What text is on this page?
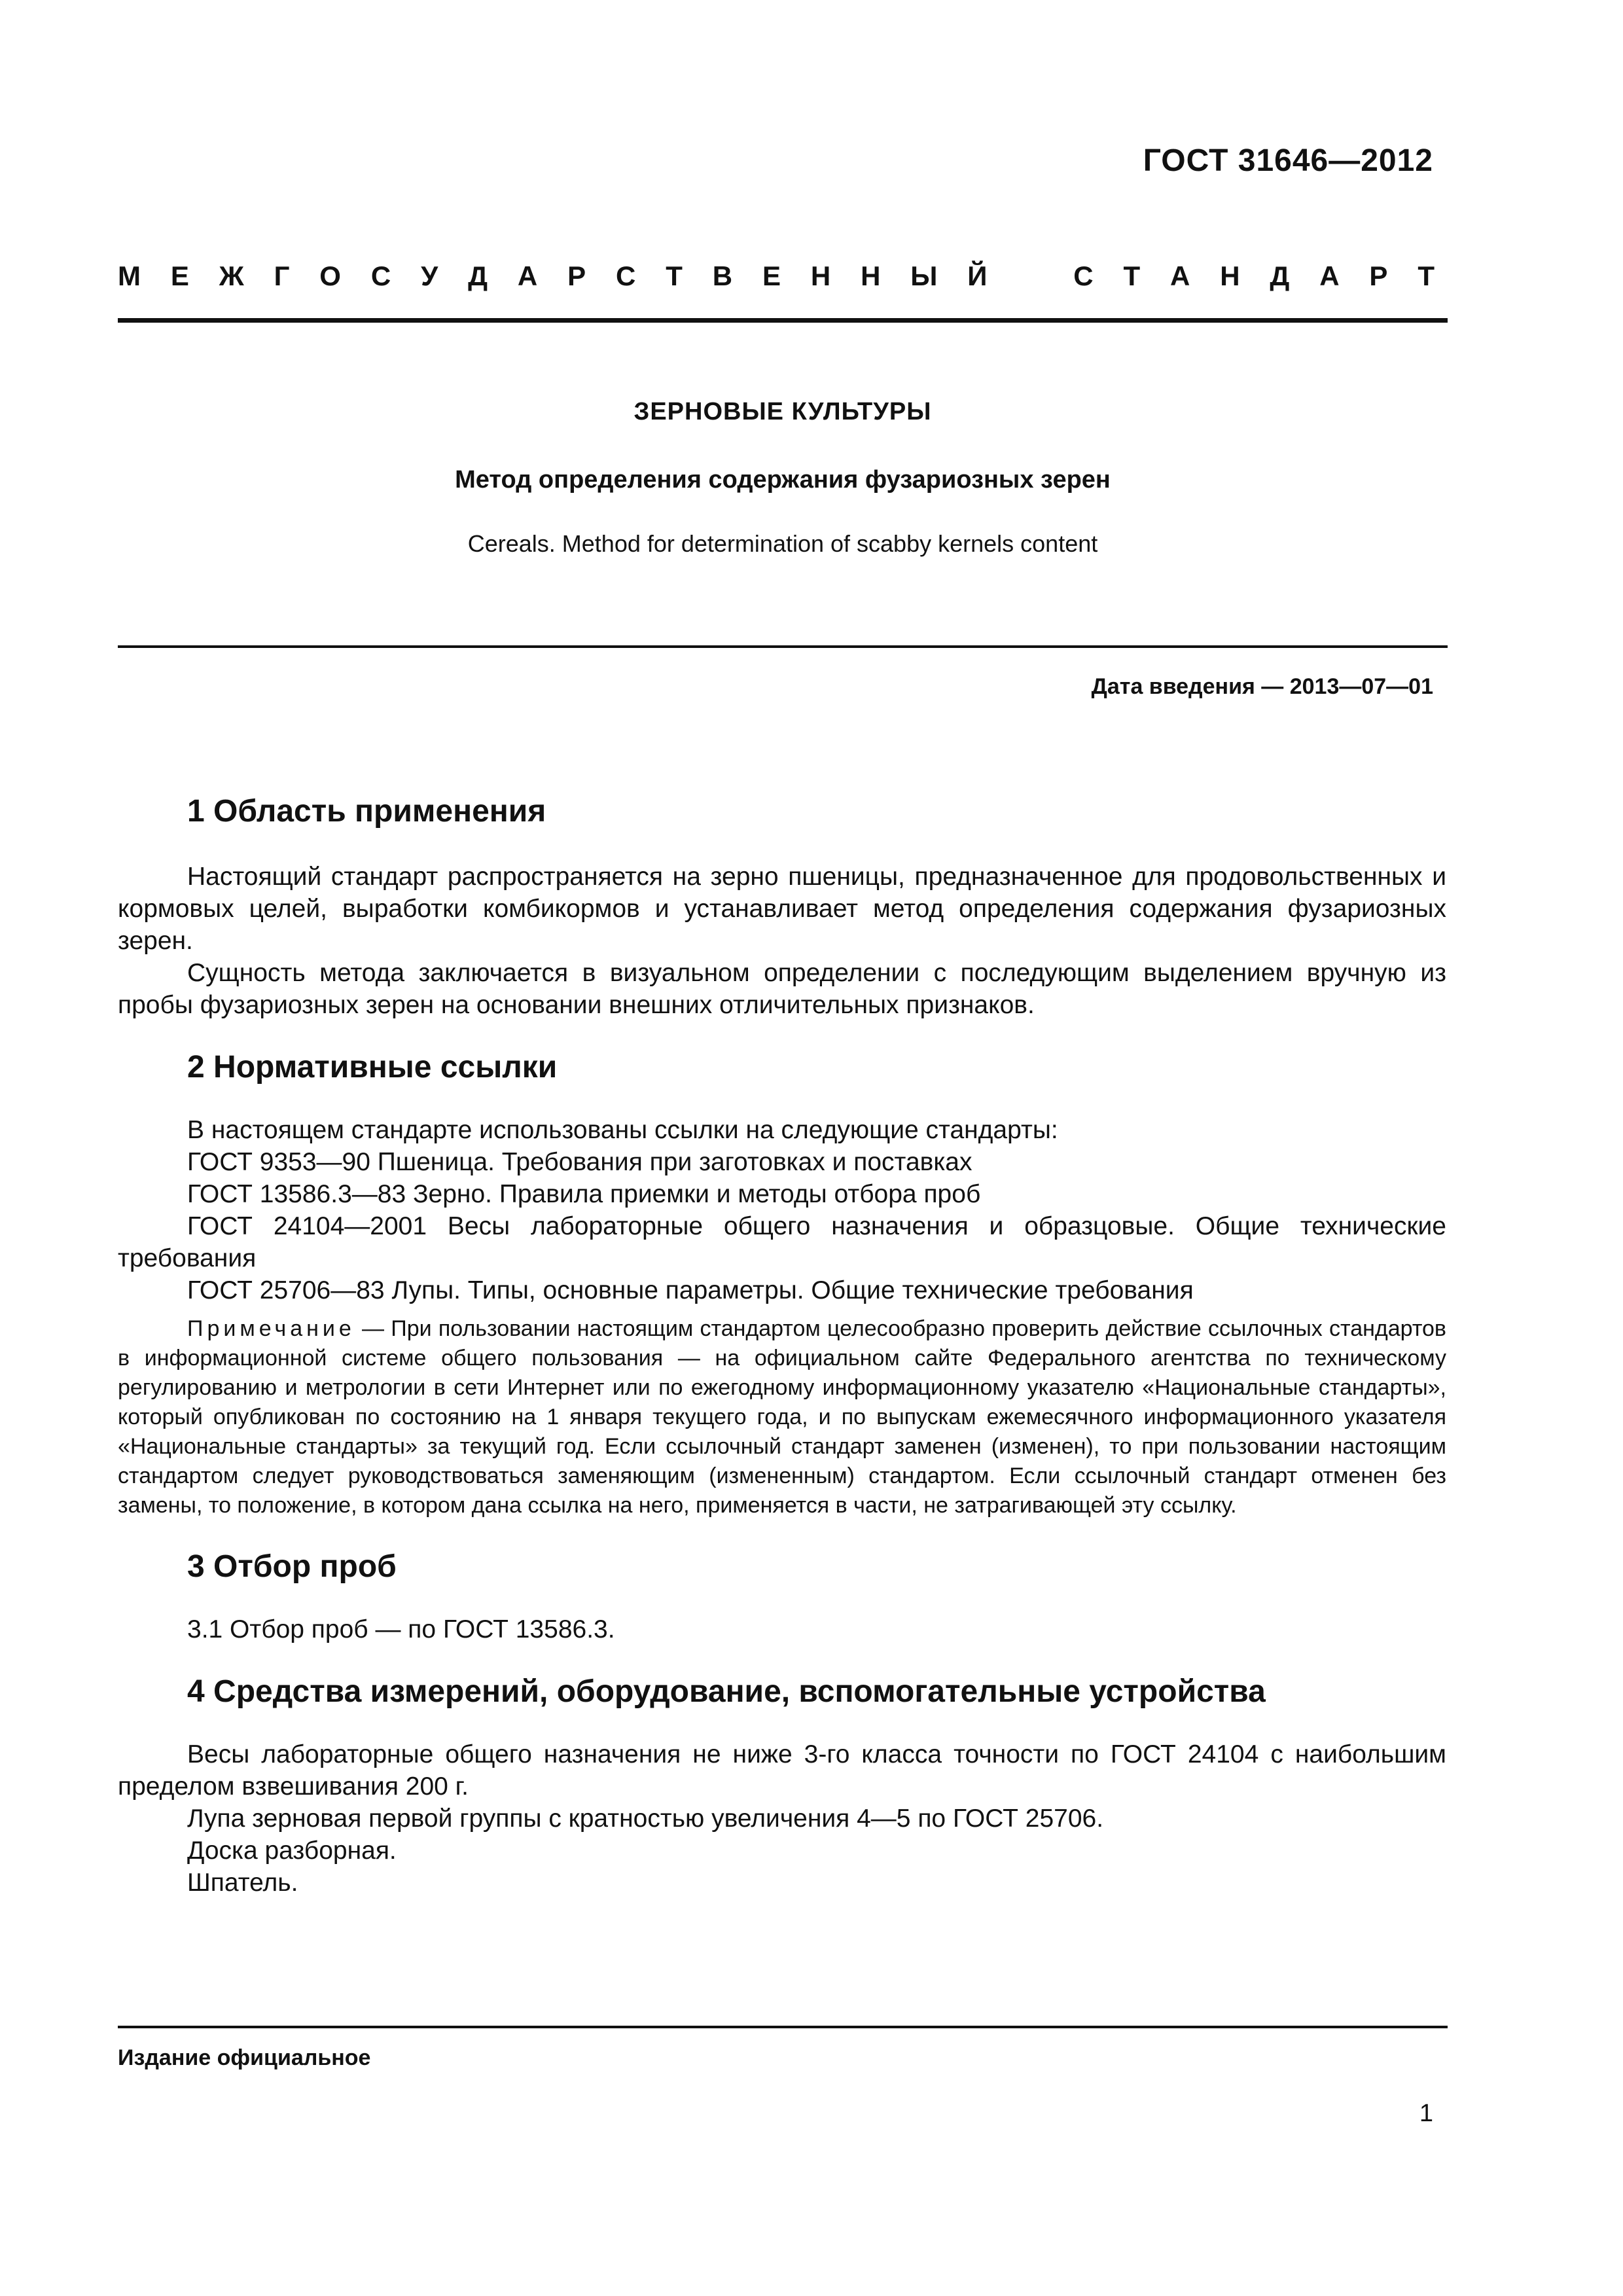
ГОСТ 31646—2012
М Е Ж Г О С У Д А Р С Т В Е Н Н Ы Й	С Т А Н Д А Р Т
ЗЕРНОВЫЕ КУЛЬТУРЫ
Метод определения содержания фузариозных зерен
Cereals. Method for determination of scabby kernels content
Дата введения — 2013—07—01
1 Область применения

Настоящий стандарт распространяется на зерно пшеницы, предназначенное для продовольственных и кормовых целей, выработки комбикормов и устанавливает метод определения содержания фузариозных зерен.

Сущность метода заключается в визуальном определении с последующим выделением вручную из пробы фузариозных зерен на основании внешних отличительных признаков.

2 Нормативные ссылки

В настоящем стандарте использованы ссылки на следующие стандарты:

ГОСТ 9353—90 Пшеница. Требования при заготовках и поставках

ГОСТ 13586.3—83 Зерно. Правила приемки и методы отбора проб

ГОСТ 24104—2001 Весы лабораторные общего назначения и образцовые. Общие технические требования

ГОСТ 25706—83 Лупы. Типы, основные параметры. Общие технические требования

Примечание — При пользовании настоящим стандартом целесообразно проверить действие ссылочных стандартов в информационной системе общего пользования — на официальном сайте Федерального агентства по техническому регулированию и метрологии в сети Интернет или по ежегодному информационному указателю «Национальные стандарты», который опубликован по состоянию на 1 января текущего года, и по выпускам ежемесячного информационного указателя «Национальные стандарты» за текущий год. Если ссылочный стандарт заменен (изменен), то при пользовании настоящим стандартом следует руководствоваться заменяющим (измененным) стандартом. Если ссылочный стандарт отменен без замены, то положение, в котором дана ссылка на него, применяется в части, не затрагивающей эту ссылку.

3 Отбор проб

3.1 Отбор проб — по ГОСТ 13586.3.

4 Средства измерений, оборудование, вспомогательные устройства

Весы лабораторные общего назначения не ниже 3-го класса точности по ГОСТ 24104 с наибольшим пределом взвешивания 200 г.

Лупа зерновая первой группы с кратностью увеличения 4—5 по ГОСТ 25706.

Доска разборная.

Шпатель.

Издание официальное
1
